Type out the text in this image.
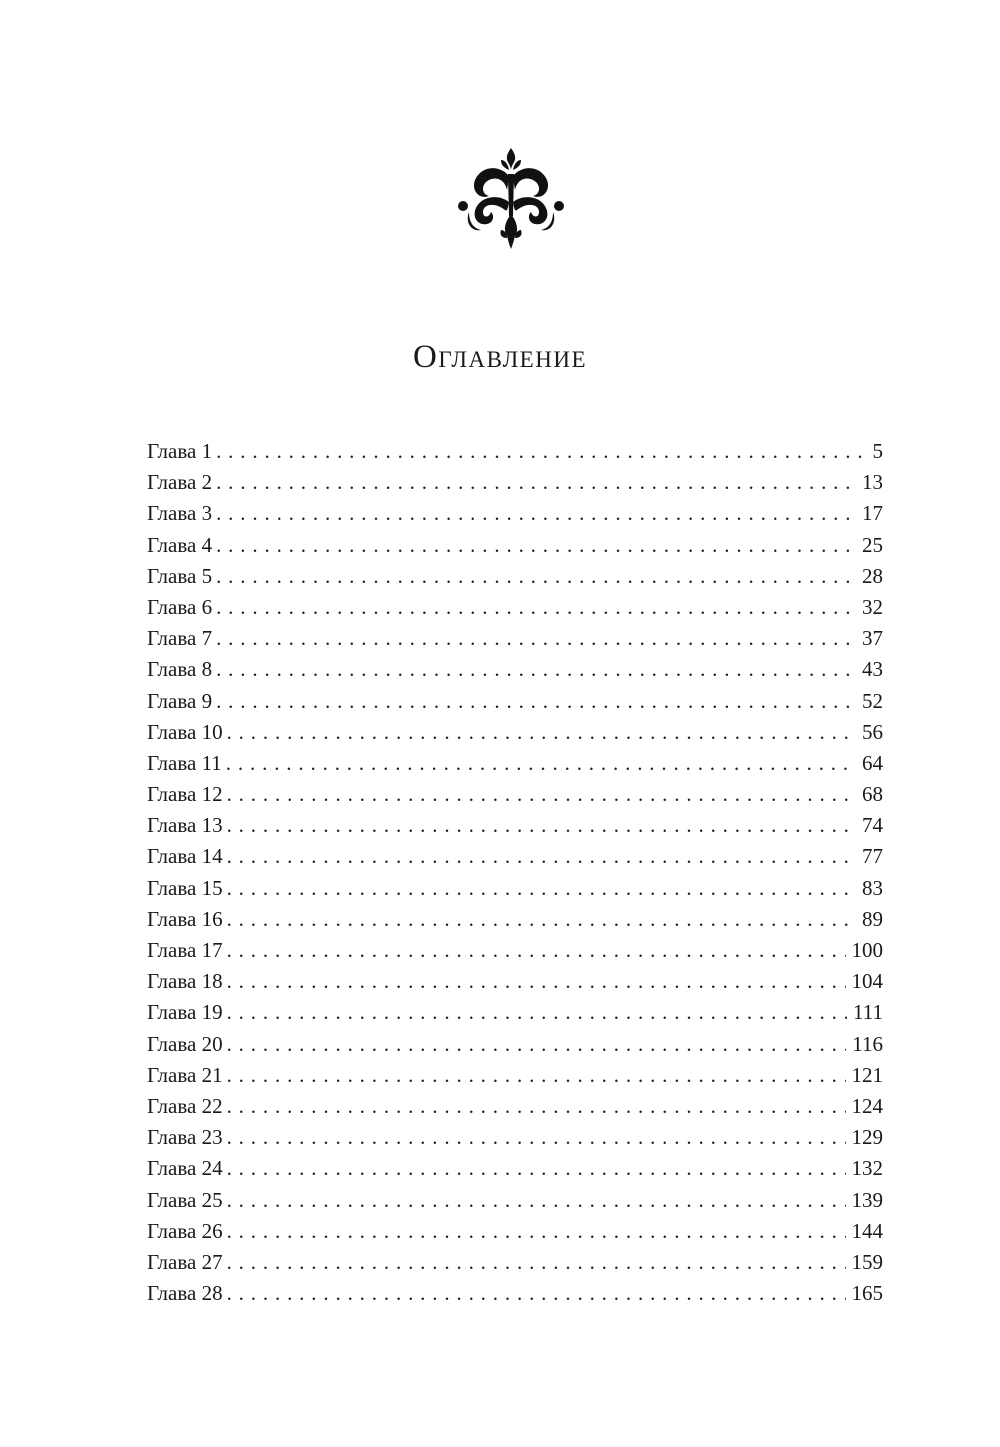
Оглавление
Глава 1 . . .	5
Глава 2 . . .	13
Глава 3 . . .	17
Глава 4 . . .	25
Глава 5 . . .	28
Глава 6 . . .	32
Глава 7 . . .	37
Глава 8 . . .	43
Глава 9 . . .	52
Глава 10 . . .	56
Глава 11 . . .	64
Глава 12 . . .	68
Глава 13 . . .	74
Глава 14 . . .	77
Глава 15 . . .	83
Глава 16 . . .	89
Глава 17 . . .	100
Глава 18 . . .	104
Глава 19 . . .	111
Глава 20 . . .	116
Глава 21 . . .	121
Глава 22 . . .	124
Глава 23 . . .	129
Глава 24 . . .	132
Глава 25 . . .	139
Глава 26 . . .	144
Глава 27 . . .	159
Глава 28 . . .	165
